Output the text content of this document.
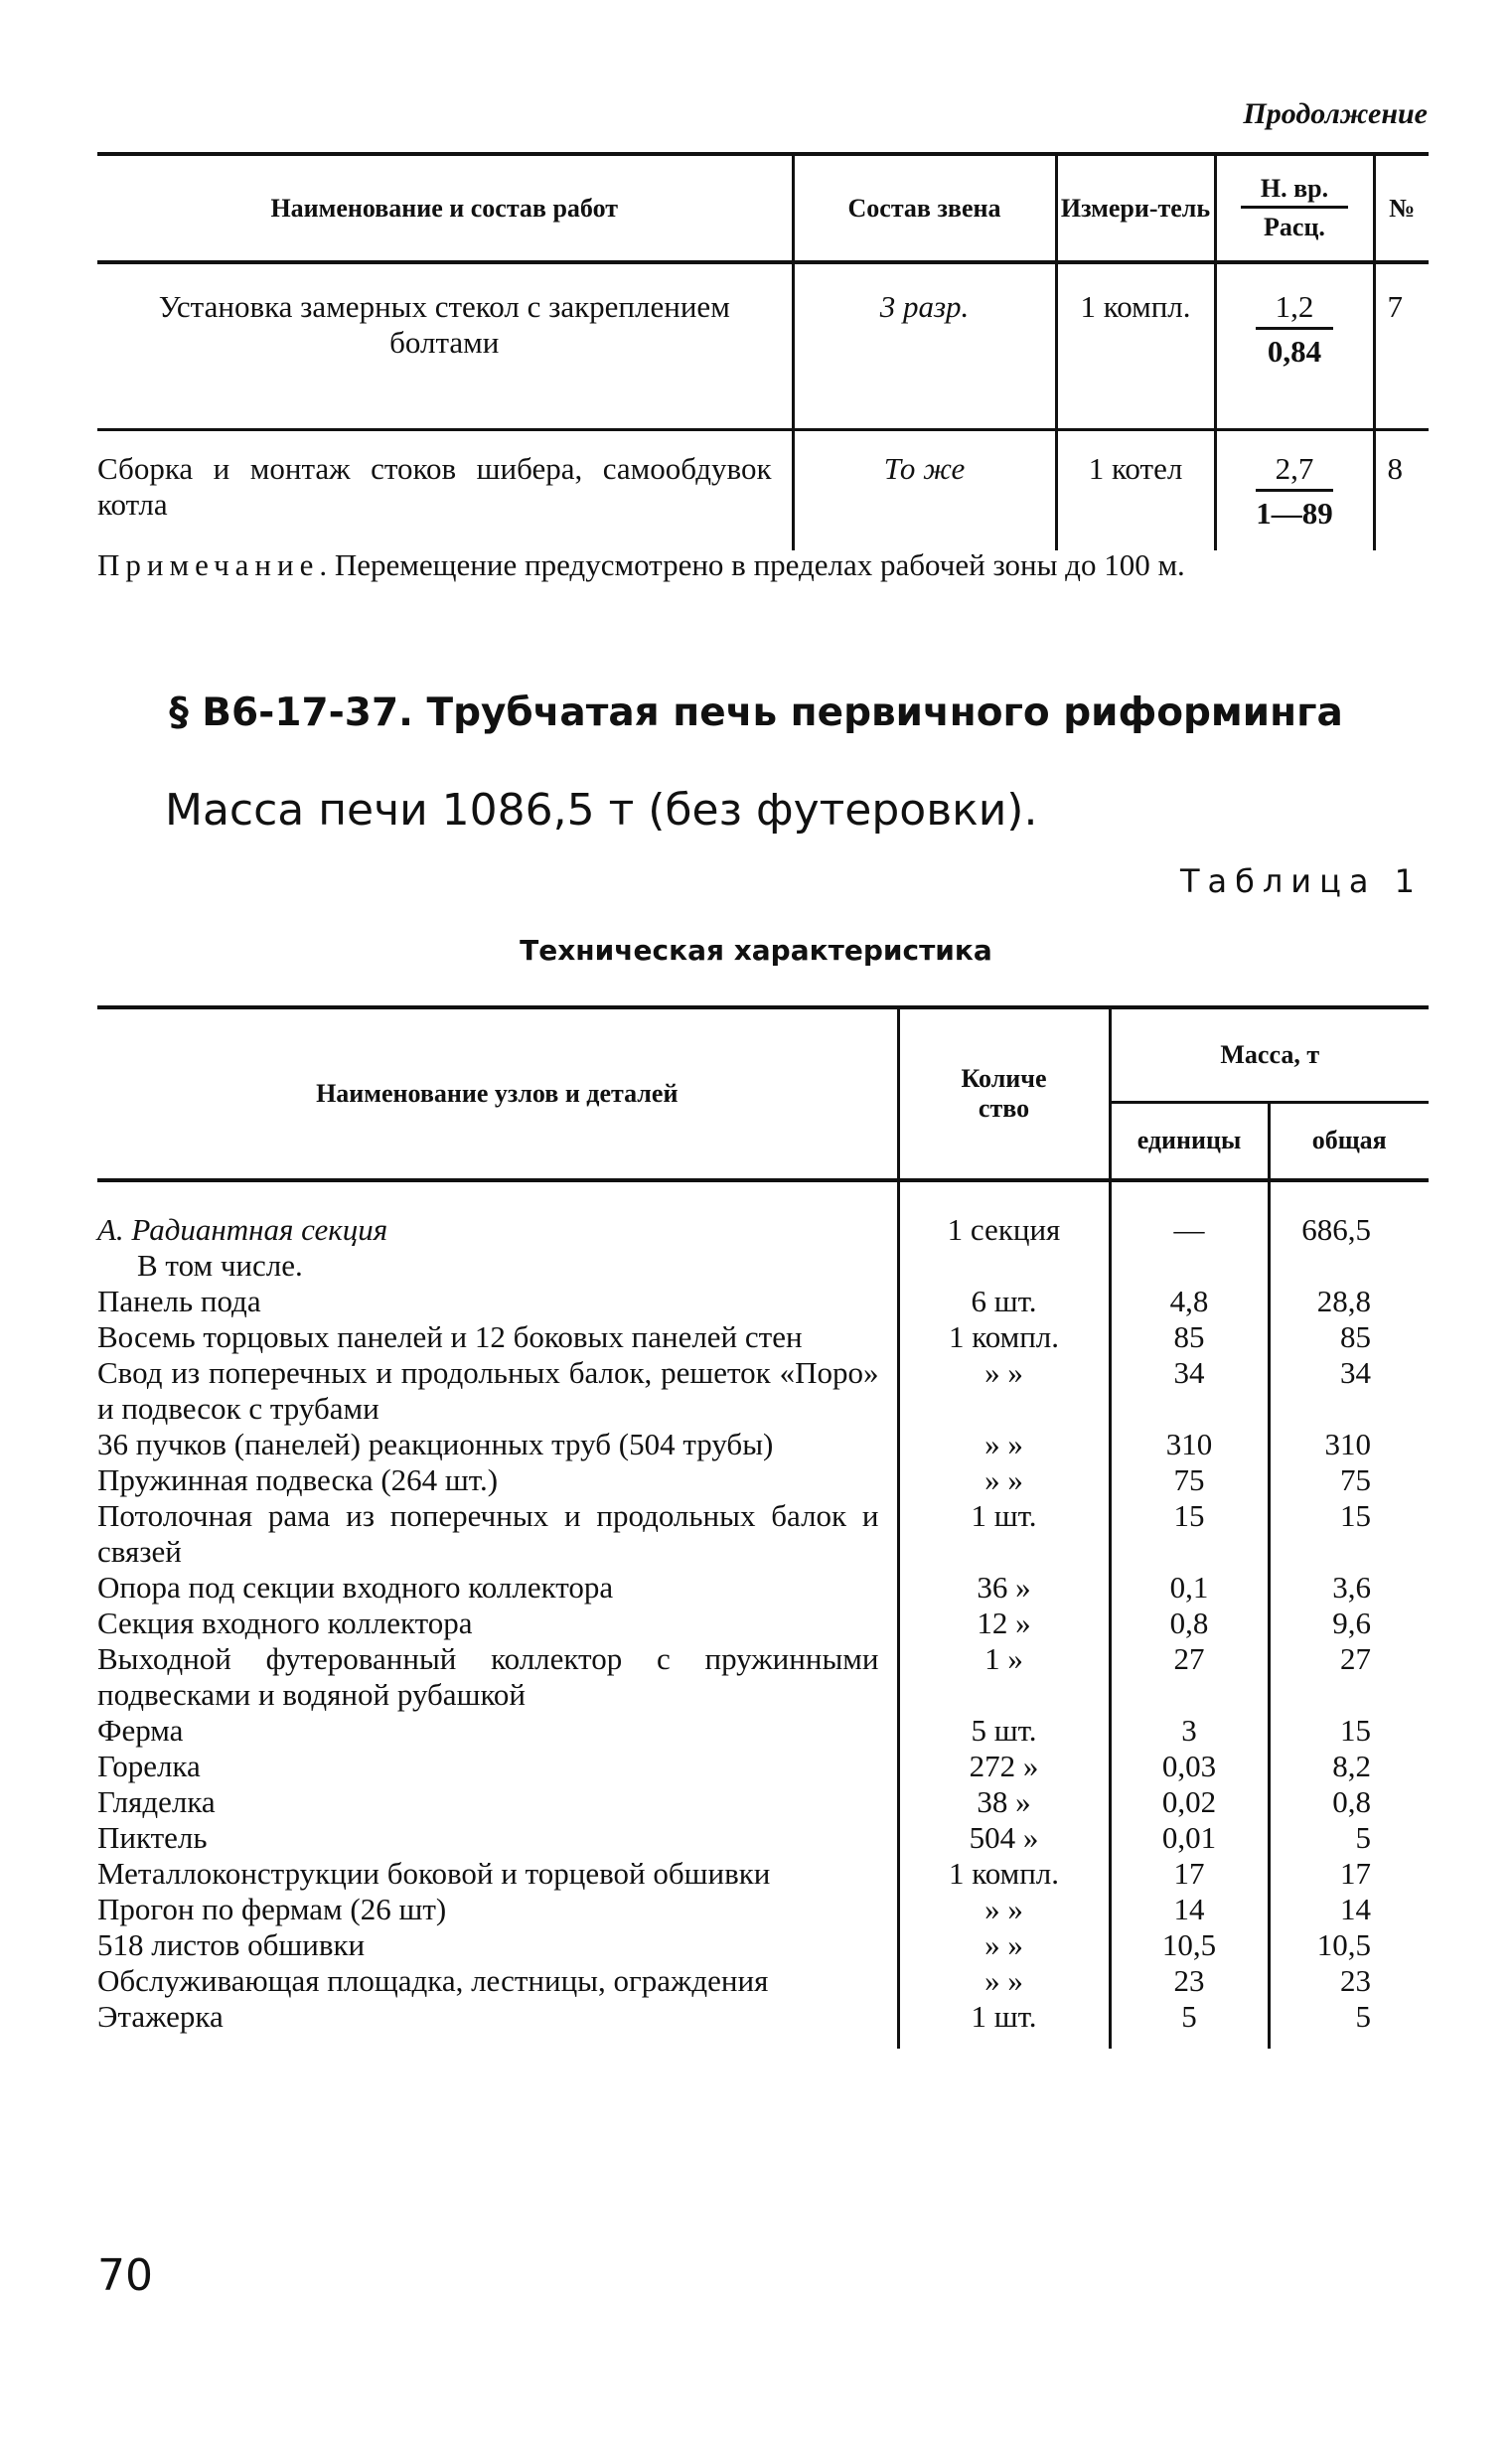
Продолжение
Наименование и состав работ	Состав звена	Измери-тель	$\frac{Н. вр.}{\text{Расц.}}$	№
Установка замерных стекол с закреплением болтами	3 разр.	1 компл.	$\frac{1,2}{0,84}$	7

Сборка и монтаж стоков шибера, самообдувок котла	То же	1 котел	$\frac{2,7}{1—89}$	8
Примечание. Перемещение предусмотрено в пределах рабочей зоны до 100 м.
§ В6-17-37. Трубчатая печь первичного риформинга
Масса печи 1086,5 т (без футеровки).
Таблица 1
Техническая характеристика
Наименование узлов и деталей	Количе ство	Масса, т	
		единицы	общая
А. Радиантная секция	1 секция	—	686,5
В том числе.			
Панель пода	6 шт.	4,8	28,8
Восемь торцовых панелей и 12 боковых панелей стен	1 компл.	85	85
Свод из поперечных и продольных балок, решеток «Поро» и подвесок с трубами	» »	34	34
36 пучков (панелей) реакционных труб (504 трубы)	» »	310	310
Пружинная подвеска (264 шт.)	» »	75	75
Потолочная рама из поперечных и продольных балок и связей	1 шт.	15	15
Опора под секции входного коллектора	36 »	0,1	3,6
Секция входного коллектора	12 »	0,8	9,6
Выходной футерованный коллектор с пружинными подвесками и водяной рубашкой	1 »	27	27
Ферма	5 шт.	3	15
Горелка	272 »	0,03	8,2
Гляделка	38 »	0,02	0,8
Пиктель	504 »	0,01	5
Металлоконструкции боковой и торцевой обшивки	1 компл.	17	17
Прогон по фермам (26 шт)	» »	14	14
518 листов обшивки	» »	10,5	10,5
Обслуживающая площадка, лестницы, ограждения	» »	23	23
Этажерка	1 шт.	5	5
70
